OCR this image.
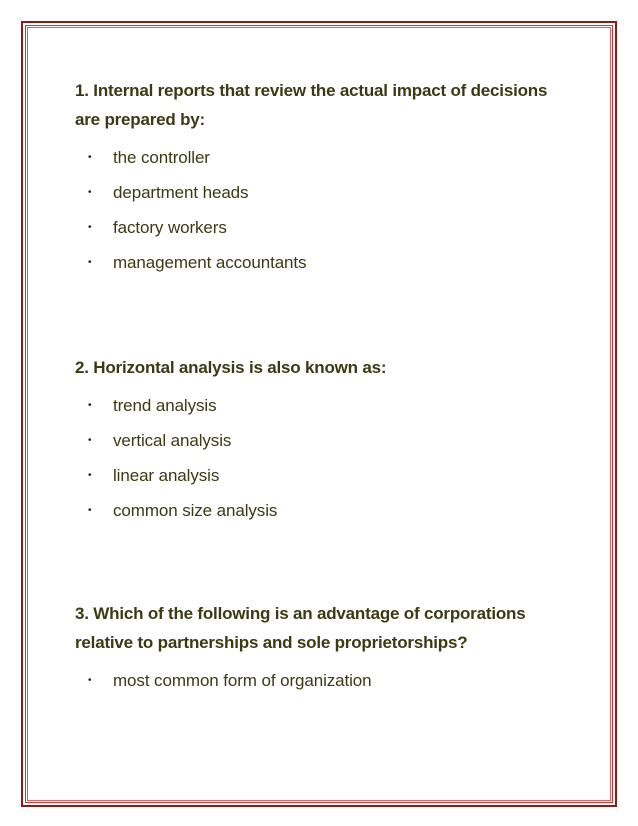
1. Internal reports that review the actual impact of decisions are prepared by:

• the controller
• department heads
• factory workers
• management accountants

2. Horizontal analysis is also known as:

• trend analysis
• vertical analysis
• linear analysis
• common size analysis

3. Which of the following is an advantage of corporations relative to partnerships and sole proprietorships?

• most common form of organization
